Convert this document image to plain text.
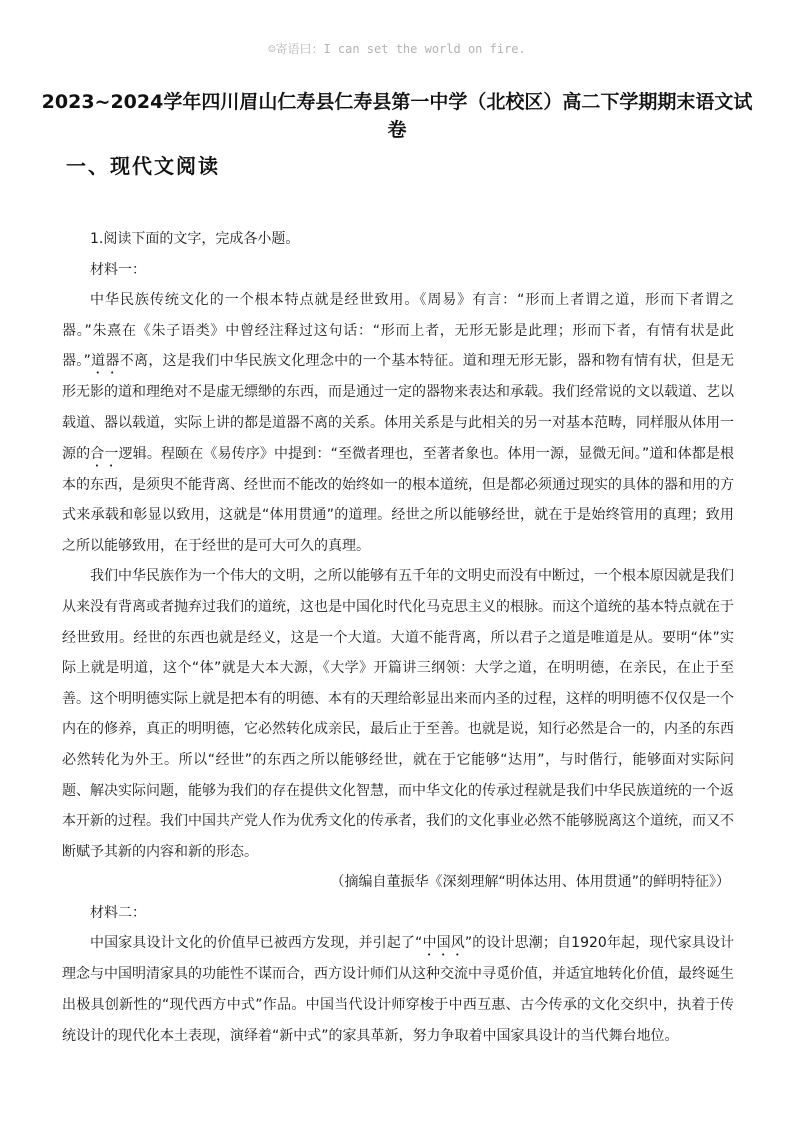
☺寄语曰：I can set the world on fire.
2023~2024学年四川眉山仁寿县仁寿县第一中学（北校区）高二下学期期末语文试卷
一、现代文阅读

1.阅读下面的文字，完成各小题。

材料一：

中华民族传统文化的一个根本特点就是经世致用。《周易》有言：“形而上者谓之道，形而下者谓之器。”朱熹在《朱子语类》中曾经注释过这句话：“形而上者，无形无影是此理；形而下者，有情有状是此器。”道器不离，这是我们中华民族文化理念中的一个基本特征。道和理无形无影，器和物有情有状，但是无形无影的道和理绝对不是虚无缥缈的东西，而是通过一定的器物来表达和承载。我们经常说的文以载道、艺以载道、器以载道，实际上讲的都是道器不离的关系。体用关系是与此相关的另一对基本范畴，同样服从体用一源的合一逻辑。程颐在《易传序》中提到：“至微者理也，至著者象也。体用一源，显微无间。”道和体都是根本的东西，是须臾不能背离、经世而不能改的始终如一的根本道统，但是都必须通过现实的具体的器和用的方式来承载和彰显以致用，这就是“体用贯通”的道理。经世之所以能够经世，就在于是始终管用的真理；致用之所以能够致用，在于经世的是可大可久的真理。

我们中华民族作为一个伟大的文明，之所以能够有五千年的文明史而没有中断过，一个根本原因就是我们从来没有背离或者抛弃过我们的道统，这也是中国化时代化马克思主义的根脉。而这个道统的基本特点就在于经世致用。经世的东西也就是经义，这是一个大道。大道不能背离，所以君子之道是唯道是从。要明“体”实际上就是明道，这个“体”就是大本大源，《大学》开篇讲三纲领：大学之道，在明明德，在亲民，在止于至善。这个明明德实际上就是把本有的明德、本有的天理给彰显出来而内圣的过程，这样的明明德不仅仅是一个内在的修养，真正的明明德，它必然转化成亲民，最后止于至善。也就是说，知行必然是合一的，内圣的东西必然转化为外王。所以“经世”的东西之所以能够经世，就在于它能够“达用”，与时偕行，能够面对实际问题、解决实际问题，能够为我们的存在提供文化智慧，而中华文化的传承过程就是我们中华民族道统的一个返本开新的过程。我们中国共产党人作为优秀文化的传承者，我们的文化事业必然不能够脱离这个道统，而又不断赋予其新的内容和新的形态。

（摘编自董振华《深刻理解“明体达用、体用贯通”的鲜明特征》）

材料二：

中国家具设计文化的价值早已被西方发现，并引起了“中国风”的设计思潮；自1920年起，现代家具设计理念与中国明清家具的功能性不谋而合，西方设计师们从这种交流中寻觅价值，并适宜地转化价值，最终诞生出极具创新性的“现代西方中式”作品。中国当代设计师穿梭于中西互惠、古今传承的文化交织中，执着于传统设计的现代化本土表现，演绎着“新中式”的家具革新，努力争取着中国家具设计的当代舞台地位。
